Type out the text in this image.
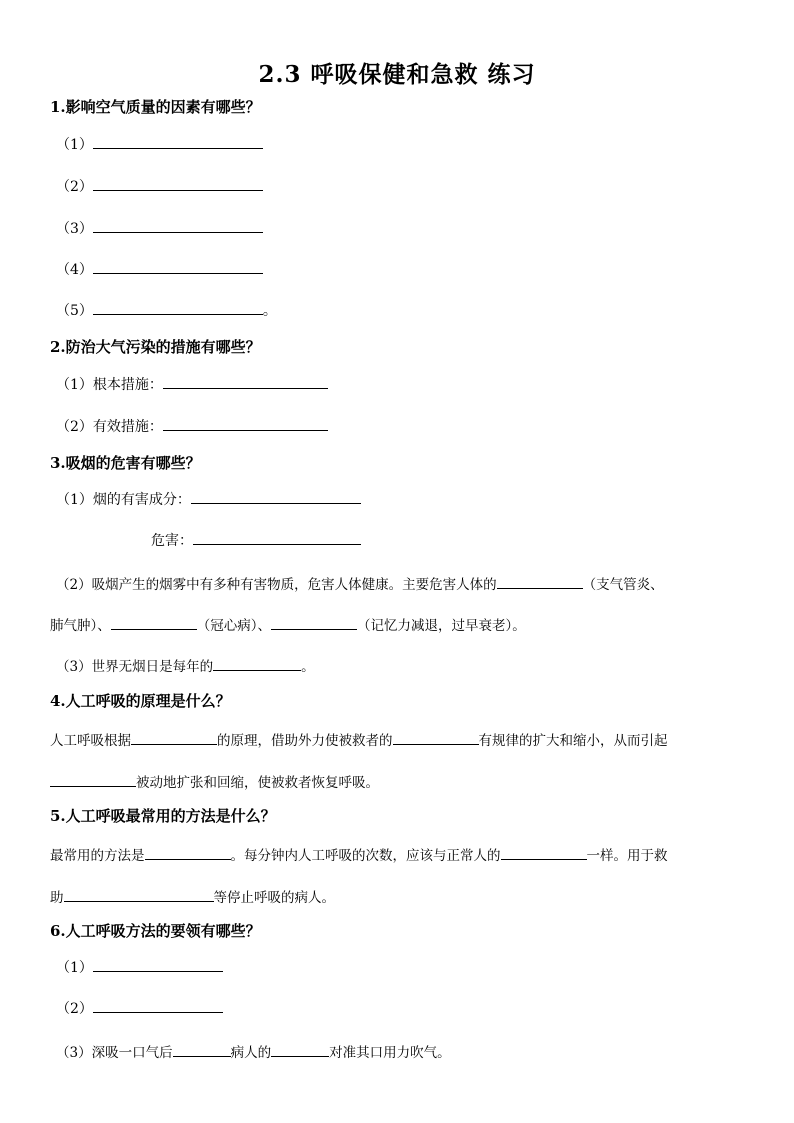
2.3 呼吸保健和急救 练习
1.影响空气质量的因素有哪些？
（1）
（2）
（3）
（4）
（5）	。
2.防治大气污染的措施有哪些？
（1）根本措施：
（2）有效措施：
3.吸烟的危害有哪些？
（1）烟的有害成分：
危害：
（2）吸烟产生的烟雾中有多种有害物质，危害人体健康。主要危害人体的	（支气管炎、
肺气肿）、	（冠心病）、	（记忆力减退，过早衰老）。
（3）世界无烟日是每年的	。
4.人工呼吸的原理是什么？
人工呼吸根据	的原理，借助外力使被救者的	有规律的扩大和缩小，从而引起
被动地扩张和回缩，使被救者恢复呼吸。
5.人工呼吸最常用的方法是什么？
最常用的方法是	。每分钟内人工呼吸的次数，应该与正常人的	一样。用于救
助	等停止呼吸的病人。
6.人工呼吸方法的要领有哪些？
（1）
（2）
（3）深吸一口气后	病人的	对准其口用力吹气。
